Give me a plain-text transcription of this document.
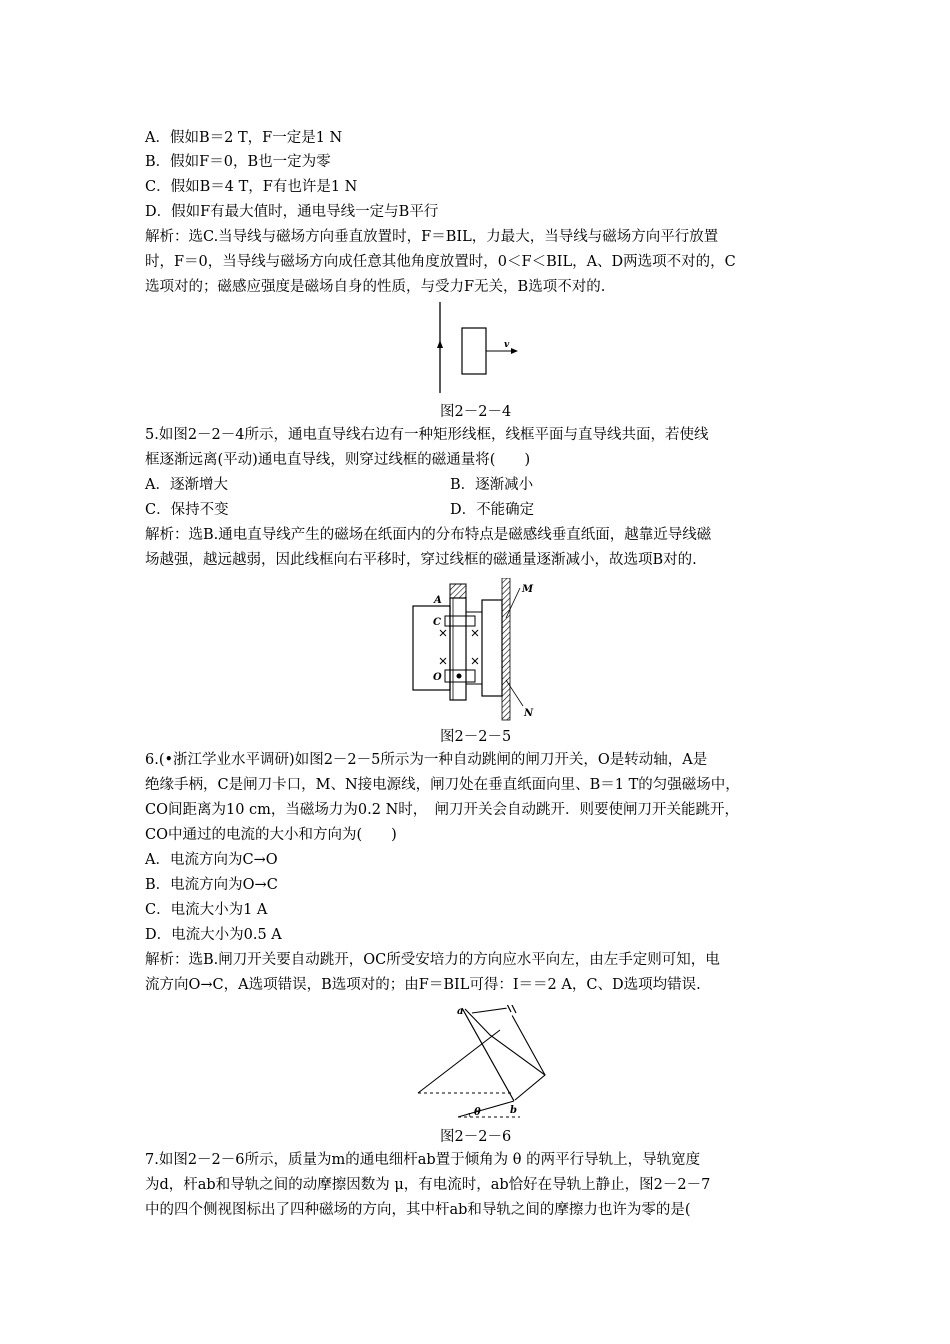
A．假如B＝2 T，F一定是1 N
B．假如F＝0，B也一定为零
C．假如B＝4 T，F有也许是1 N
D．假如F有最大值时，通电导线一定与B平行
解析：选C.当导线与磁场方向垂直放置时，F＝BIL，力最大，当导线与磁场方向平行放置
时，F＝0，当导线与磁场方向成任意其他角度放置时，0＜F＜BIL，A、D两选项不对的，C
选项对的；磁感应强度是磁场自身的性质，与受力F无关，B选项不对的.
v
图2－2－4
5.如图2－2－4所示，通电直导线右边有一种矩形线框，线框平面与直导线共面，若使线
框逐渐远离(平动)通电直导线，则穿过线框的磁通量将(　　)
A．逐渐增大	B．逐渐减小
C．保持不变	D．不能确定
解析：选B.通电直导线产生的磁场在纸面内的分布特点是磁感线垂直纸面，越靠近导线磁
场越强，越远越弱，因此线框向右平移时，穿过线框的磁通量逐渐减小，故选项B对的.
A
C
O
M
N
图2－2－5
6.(•浙江学业水平调研)如图2－2－5所示为一种自动跳闸的闸刀开关，O是转动轴，A是
绝缘手柄，C是闸刀卡口，M、N接电源线，闸刀处在垂直纸面向里、B＝1 T的匀强磁场中，
CO间距离为10 cm，当磁场力为0.2 N时，　闸刀开关会自动跳开．则要使闸刀开关能跳开，
CO中通过的电流的大小和方向为(　　)
A．电流方向为C→O
B．电流方向为O→C
C．电流大小为1 A
D．电流大小为0.5 A
解析：选B.闸刀开关要自动跳开，OC所受安培力的方向应水平向左，由左手定则可知，电
流方向O→C，A选项错误，B选项对的；由F＝BIL可得：I＝＝2 A，C、D选项均错误.
a
b
θ
图2－2－6
7.如图2－2－6所示，质量为m的通电细杆ab置于倾角为 θ 的两平行导轨上，导轨宽度
为d，杆ab和导轨之间的动摩擦因数为 μ，有电流时，ab恰好在导轨上静止，图2－2－7
中的四个侧视图标出了四种磁场的方向，其中杆ab和导轨之间的摩擦力也许为零的是(
